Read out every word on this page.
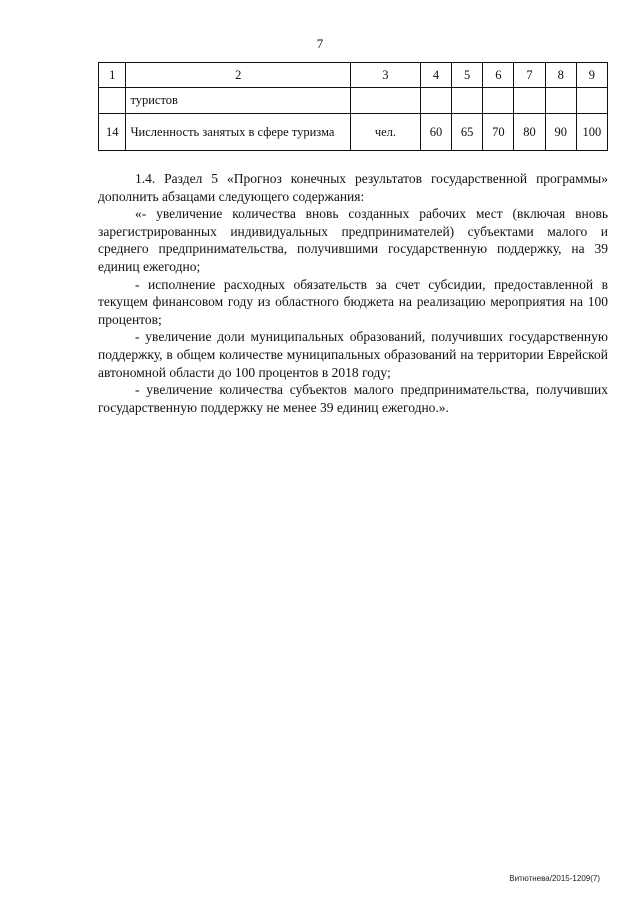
7
1	2	3	4	5	6	7	8	9
	туристов							
14	Численность занятых в сфере туризма	чел.	60	65	70	80	90	100

1.4. Раздел 5 «Прогноз конечных результатов государственной программы» дополнить абзацами следующего содержания:

«- увеличение количества вновь созданных рабочих мест (включая вновь зарегистрированных индивидуальных предпринимателей) субъектами малого и среднего предпринимательства, получившими государственную поддержку, на 39 единиц ежегодно;

- исполнение расходных обязательств за счет субсидии, предоставленной в текущем финансовом году из областного бюджета на реализацию мероприятия на 100 процентов;

- увеличение доли муниципальных образований, получивших государственную поддержку, в общем количестве муниципальных образований на территории Еврейской автономной области до 100 процентов в 2018 году;

- увеличение количества субъектов малого предпринимательства, получивших государственную поддержку не менее 39 единиц ежегодно.».

Витютнева/2015-1209(7)
